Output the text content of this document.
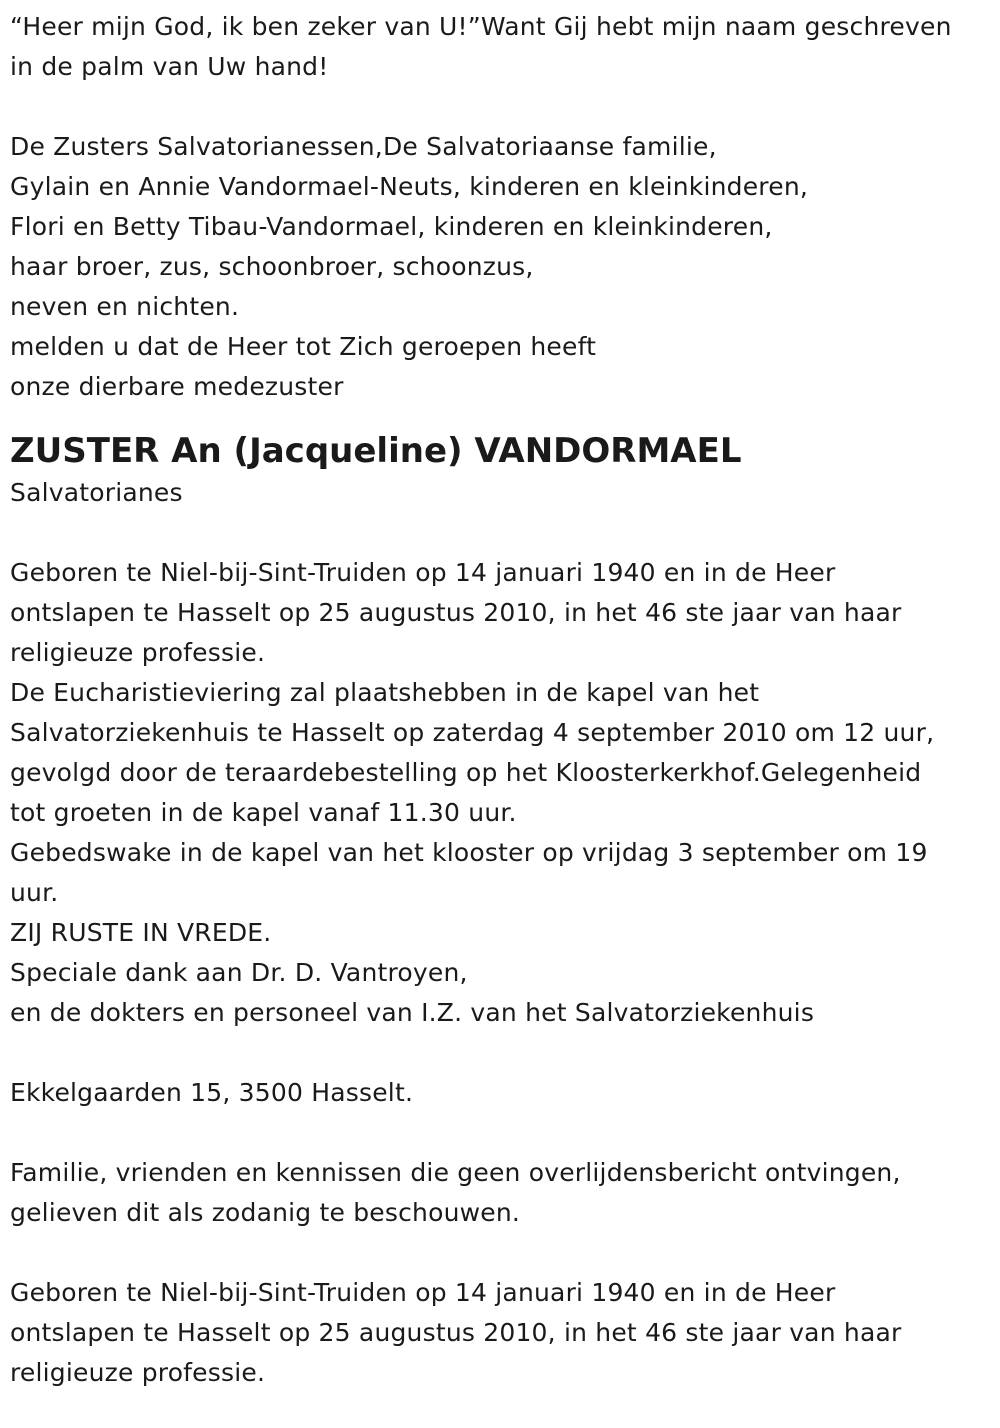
“Heer mijn God, ik ben zeker van U!”Want Gij hebt mijn naam geschreven
in de palm van Uw hand!
De Zusters Salvatorianessen,De Salvatoriaanse familie,
Gylain en Annie Vandormael-Neuts, kinderen en kleinkinderen,
Flori en Betty Tibau-Vandormael, kinderen en kleinkinderen,
haar broer, zus, schoonbroer, schoonzus,
neven en nichten.
melden u dat de Heer tot Zich geroepen heeft
onze dierbare medezuster
ZUSTER An (Jacqueline) VANDORMAEL
Salvatorianes
Geboren te Niel-bij-Sint-Truiden op 14 januari 1940 en in de Heer
ontslapen te Hasselt op 25 augustus 2010, in het 46 ste jaar van haar
religieuze professie.
De Eucharistieviering zal plaatshebben in de kapel van het
Salvatorziekenhuis te Hasselt op zaterdag 4 september 2010 om 12 uur,
gevolgd door de teraardebestelling op het Kloosterkerkhof.Gelegenheid
tot groeten in de kapel vanaf 11.30 uur.
Gebedswake in de kapel van het klooster op vrijdag 3 september om 19
uur.
ZIJ RUSTE IN VREDE.
Speciale dank aan Dr. D. Vantroyen,
en de dokters en personeel van I.Z. van het Salvatorziekenhuis
Ekkelgaarden 15, 3500 Hasselt.
Familie, vrienden en kennissen die geen overlijdensbericht ontvingen,
gelieven dit als zodanig te beschouwen.
Geboren te Niel-bij-Sint-Truiden op 14 januari 1940 en in de Heer
ontslapen te Hasselt op 25 augustus 2010, in het 46 ste jaar van haar
religieuze professie.
